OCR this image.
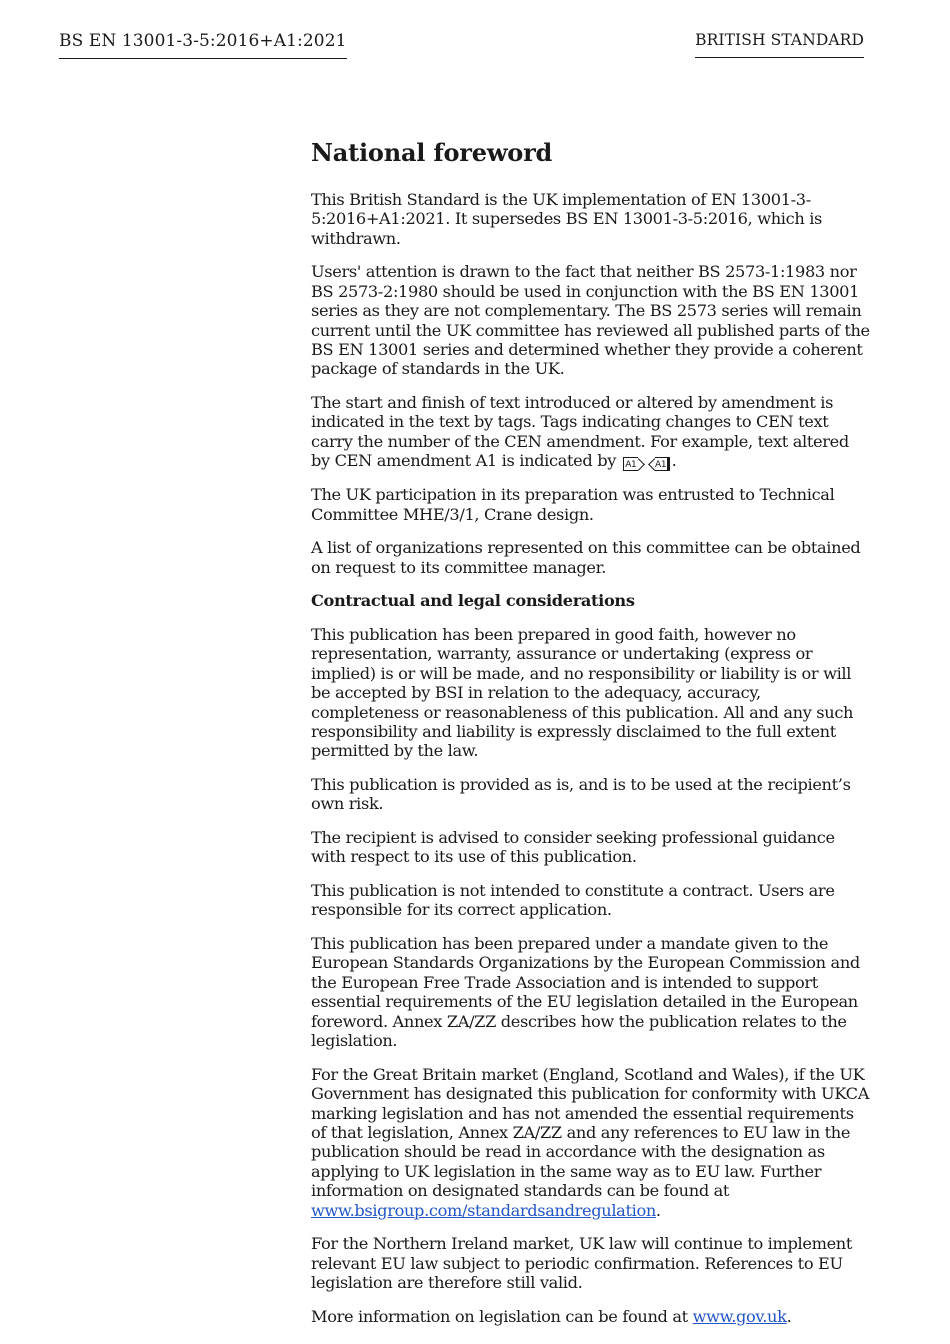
BS EN 13001-3-5:2016+A1:2021	BRITISH STANDARD
National foreword

This British Standard is the UK implementation of EN 13001-3-5:2016+A1:2021. It supersedes BS EN 13001-3-5:2016, which is withdrawn.

Users' attention is drawn to the fact that neither BS 2573-1:1983 nor BS 2573-2:1980 should be used in conjunction with the BS EN 13001 series as they are not complementary. The BS 2573 series will remain current until the UK committee has reviewed all published parts of the BS EN 13001 series and determined whether they provide a coherent package of standards in the UK.

The start and finish of text introduced or altered by amendment is indicated in the text by tags. Tags indicating changes to CEN text carry the number of the CEN amendment. For example, text altered by CEN amendment A1 is indicated by A1 A1 .

The UK participation in its preparation was entrusted to Technical Committee MHE/3/1, Crane design.

A list of organizations represented on this committee can be obtained on request to its committee manager.

Contractual and legal considerations

This publication has been prepared in good faith, however no representation, warranty, assurance or undertaking (express or implied) is or will be made, and no responsibility or liability is or will be accepted by BSI in relation to the adequacy, accuracy, completeness or reasonableness of this publication. All and any such responsibility and liability is expressly disclaimed to the full extent permitted by the law.

This publication is provided as is, and is to be used at the recipient’s own risk.

The recipient is advised to consider seeking professional guidance with respect to its use of this publication.

This publication is not intended to constitute a contract. Users are responsible for its correct application.

This publication has been prepared under a mandate given to the European Standards Organizations by the European Commission and the European Free Trade Association and is intended to support essential requirements of the EU legislation detailed in the European foreword. Annex ZA/ZZ describes how the publication relates to the legislation.

For the Great Britain market (England, Scotland and Wales), if the UK Government has designated this publication for conformity with UKCA marking legislation and has not amended the essential requirements of that legislation, Annex ZA/ZZ and any references to EU law in the publication should be read in accordance with the designation as applying to UK legislation in the same way as to EU law. Further information on designated standards can be found at www.bsigroup.com/standardsandregulation.

For the Northern Ireland market, UK law will continue to implement relevant EU law subject to periodic confirmation. References to EU legislation are therefore still valid.

More information on legislation can be found at www.gov.uk.
